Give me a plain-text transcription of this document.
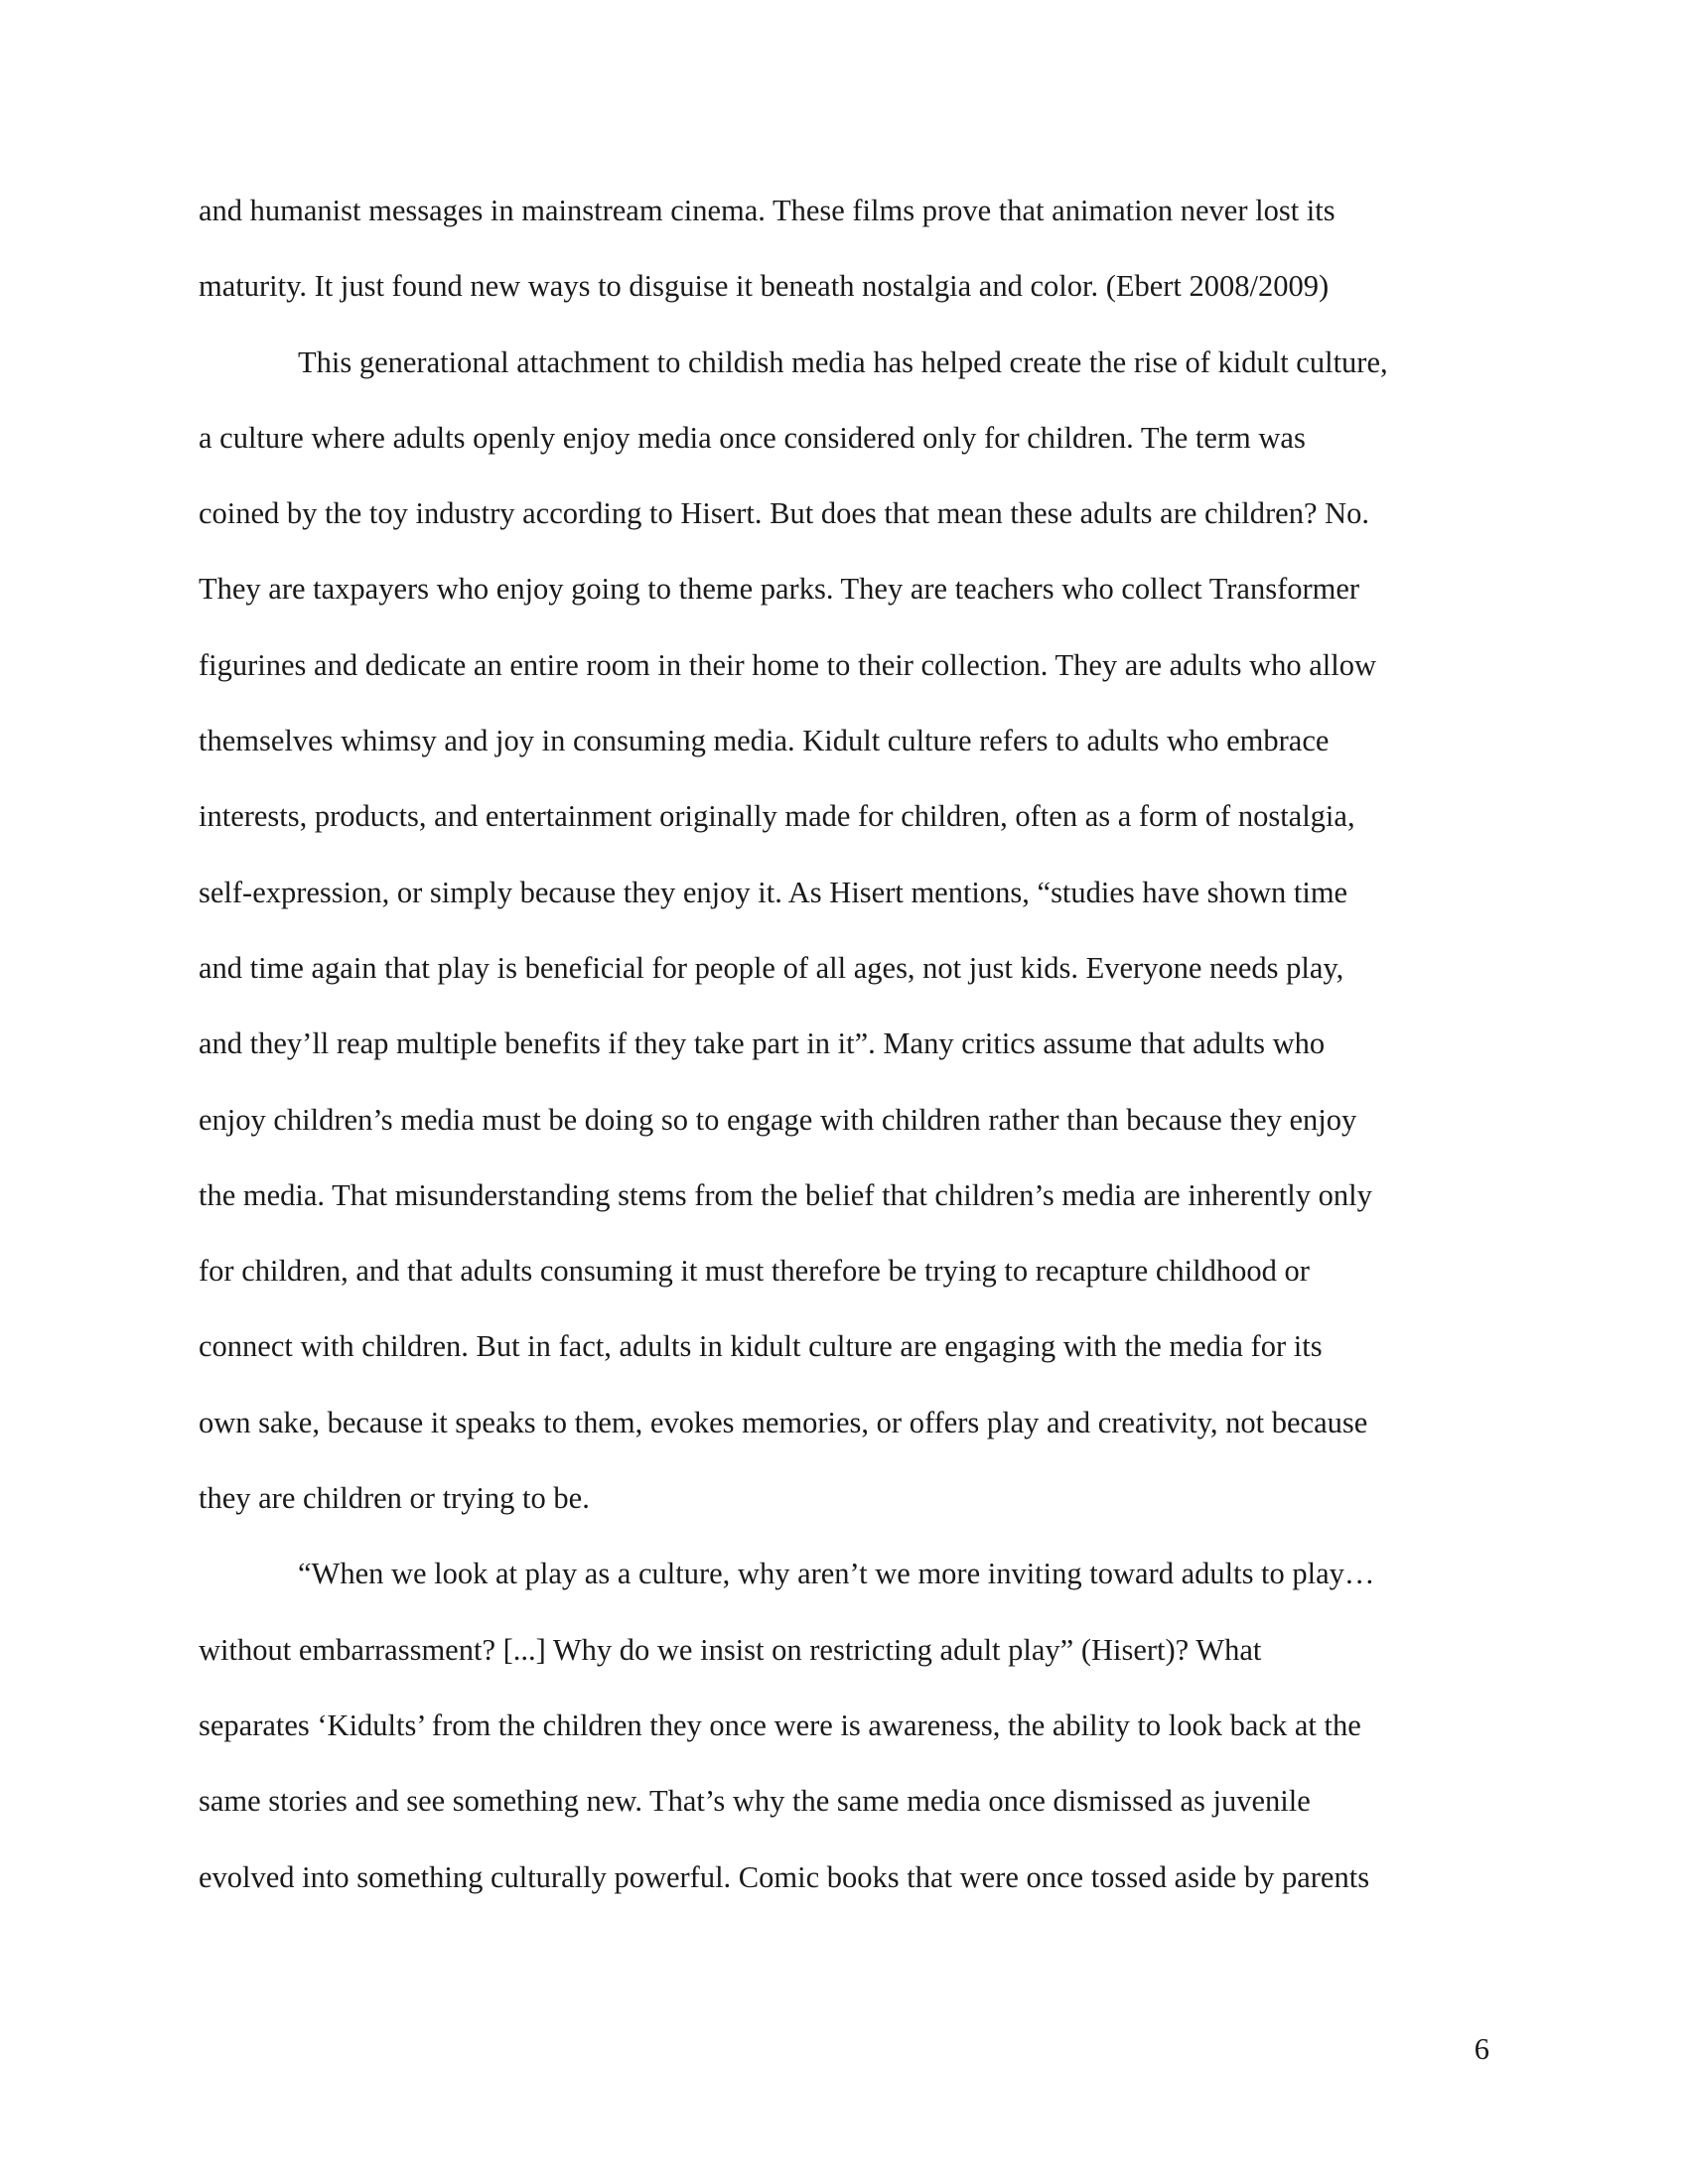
and humanist messages in mainstream cinema. These films prove that animation never lost its
maturity. It just found new ways to disguise it beneath nostalgia and color. (Ebert 2008/2009)
This generational attachment to childish media has helped create the rise of kidult culture,
a culture where adults openly enjoy media once considered only for children. The term was
coined by the toy industry according to Hisert. But does that mean these adults are children? No.
They are taxpayers who enjoy going to theme parks. They are teachers who collect Transformer
figurines and dedicate an entire room in their home to their collection. They are adults who allow
themselves whimsy and joy in consuming media. Kidult culture refers to adults who embrace
interests, products, and entertainment originally made for children, often as a form of nostalgia,
self-expression, or simply because they enjoy it. As Hisert mentions, “studies have shown time
and time again that play is beneficial for people of all ages, not just kids. Everyone needs play,
and they’ll reap multiple benefits if they take part in it”. Many critics assume that adults who
enjoy children’s media must be doing so to engage with children rather than because they enjoy
the media. That misunderstanding stems from the belief that children’s media are inherently only
for children, and that adults consuming it must therefore be trying to recapture childhood or
connect with children. But in fact, adults in kidult culture are engaging with the media for its
own sake, because it speaks to them, evokes memories, or offers play and creativity, not because
they are children or trying to be.
“When we look at play as a culture, why aren’t we more inviting toward adults to play…
without embarrassment? [...] Why do we insist on restricting adult play” (Hisert)? What
separates ‘Kidults’ from the children they once were is awareness, the ability to look back at the
same stories and see something new. That’s why the same media once dismissed as juvenile
evolved into something culturally powerful. Comic books that were once tossed aside by parents
6
